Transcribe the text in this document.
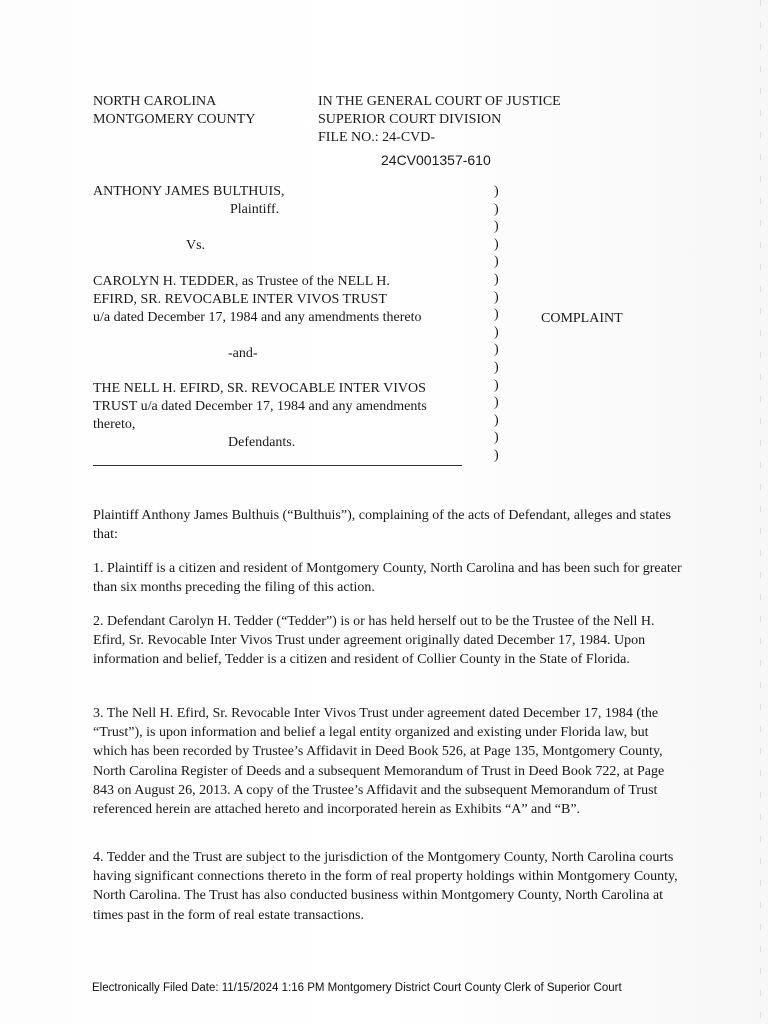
NORTH CAROLINA
MONTGOMERY COUNTY
IN THE GENERAL COURT OF JUSTICE
SUPERIOR COURT DIVISION
FILE NO.: 24-CVD-
24CV001357-610
ANTHONY JAMES BULTHUIS,
Plaintiff.
Vs.
CAROLYN H. TEDDER, as Trustee of the NELL H.
EFIRD, SR. REVOCABLE INTER VIVOS TRUST
u/a dated December 17, 1984 and any amendments thereto
-and-
THE NELL H. EFIRD, SR. REVOCABLE INTER VIVOS
TRUST u/a dated December 17, 1984 and any amendments
thereto,
Defendants.
)
)
)
)
)
)
)
)
)
)
)
)
)
)
)
)
COMPLAINT
Plaintiff Anthony James Bulthuis (“Bulthuis”), complaining of the acts of Defendant, alleges and states that:
1. Plaintiff is a citizen and resident of Montgomery County, North Carolina and has been such for greater than six months preceding the filing of this action.
2. Defendant Carolyn H. Tedder (“Tedder”) is or has held herself out to be the Trustee of the Nell H. Efird, Sr. Revocable Inter Vivos Trust under agreement originally dated December 17, 1984. Upon information and belief, Tedder is a citizen and resident of Collier County in the State of Florida.
3. The Nell H. Efird, Sr. Revocable Inter Vivos Trust under agreement dated December 17, 1984 (the “Trust”), is upon information and belief a legal entity organized and existing under Florida law, but which has been recorded by Trustee’s Affidavit in Deed Book 526, at Page 135, Montgomery County, North Carolina Register of Deeds and a subsequent Memorandum of Trust in Deed Book 722, at Page 843 on August 26, 2013. A copy of the Trustee’s Affidavit and the subsequent Memorandum of Trust referenced herein are attached hereto and incorporated herein as Exhibits “A” and “B”.
4. Tedder and the Trust are subject to the jurisdiction of the Montgomery County, North Carolina courts having significant connections thereto in the form of real property holdings within Montgomery County, North Carolina. The Trust has also conducted business within Montgomery County, North Carolina at times past in the form of real estate transactions.
Electronically Filed Date: 11/15/2024 1:16 PM Montgomery District Court County Clerk of Superior Court
